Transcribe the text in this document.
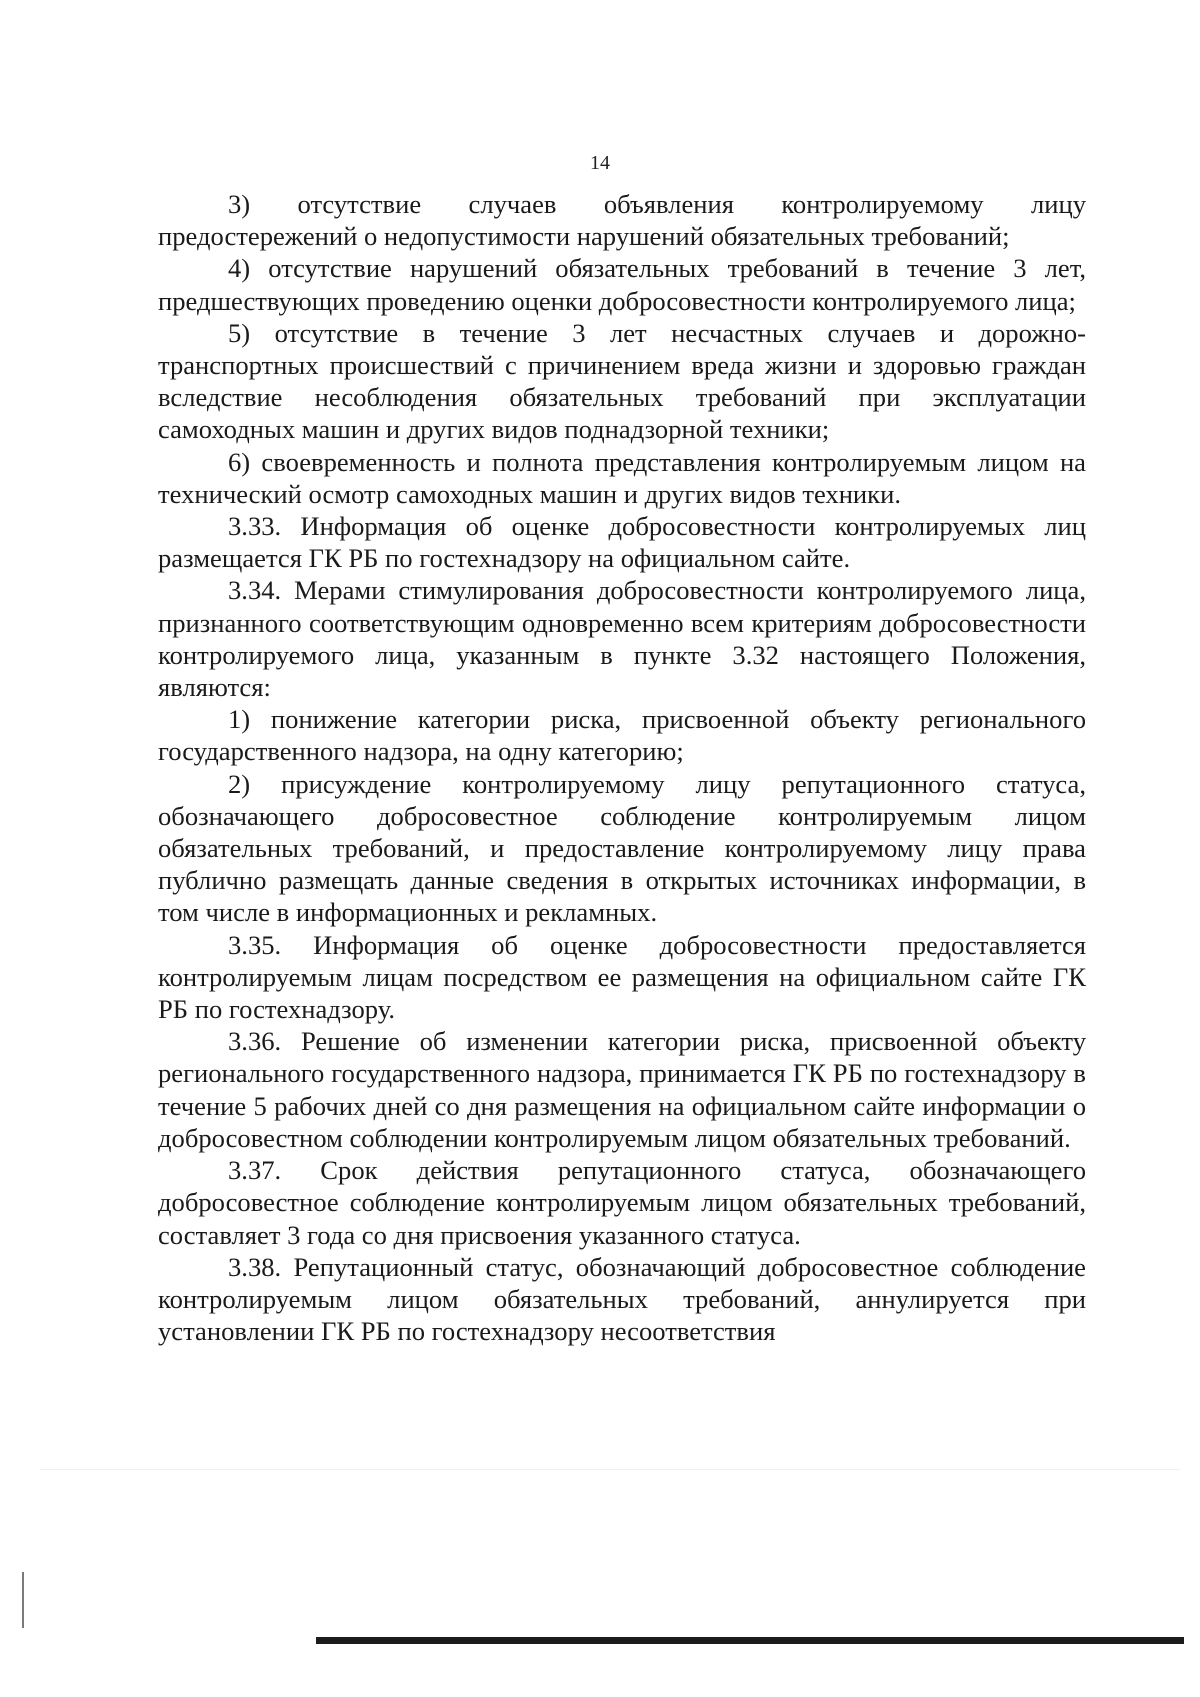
14

3) отсутствие случаев объявления контролируемому лицу предостережений о недопустимости нарушений обязательных требований;

4) отсутствие нарушений обязательных требований в течение 3 лет, предшествующих проведению оценки добросовестности контролируемого лица;

5) отсутствие в течение 3 лет несчастных случаев и дорожно-транспортных происшествий с причинением вреда жизни и здоровью граждан вследствие несоблюдения обязательных требований при эксплуатации самоходных машин и других видов поднадзорной техники;

6) своевременность и полнота представления контролируемым лицом на технический осмотр самоходных машин и других видов техники.

3.33. Информация об оценке добросовестности контролируемых лиц размещается ГК РБ по гостехнадзору на официальном сайте.

3.34. Мерами стимулирования добросовестности контролируемого лица, признанного соответствующим одновременно всем критериям добросовестности контролируемого лица, указанным в пункте 3.32 настоящего Положения, являются:

1) понижение категории риска, присвоенной объекту регионального государственного надзора, на одну категорию;

2) присуждение контролируемому лицу репутационного статуса, обозначающего добросовестное соблюдение контролируемым лицом обязательных требований, и предоставление контролируемому лицу права публично размещать данные сведения в открытых источниках информации, в том числе в информационных и рекламных.

3.35. Информация об оценке добросовестности предоставляется контролируемым лицам посредством ее размещения на официальном сайте ГК РБ по гостехнадзору.

3.36. Решение об изменении категории риска, присвоенной объекту регионального государственного надзора, принимается ГК РБ по гостехнадзору в течение 5 рабочих дней со дня размещения на официальном сайте информации о добросовестном соблюдении контролируемым лицом обязательных требований.

3.37. Срок действия репутационного статуса, обозначающего добросовестное соблюдение контролируемым лицом обязательных требований, составляет 3 года со дня присвоения указанного статуса.

3.38. Репутационный статус, обозначающий добросовестное соблюдение контролируемым лицом обязательных требований, аннулируется при установлении ГК РБ по гостехнадзору несоответствия
